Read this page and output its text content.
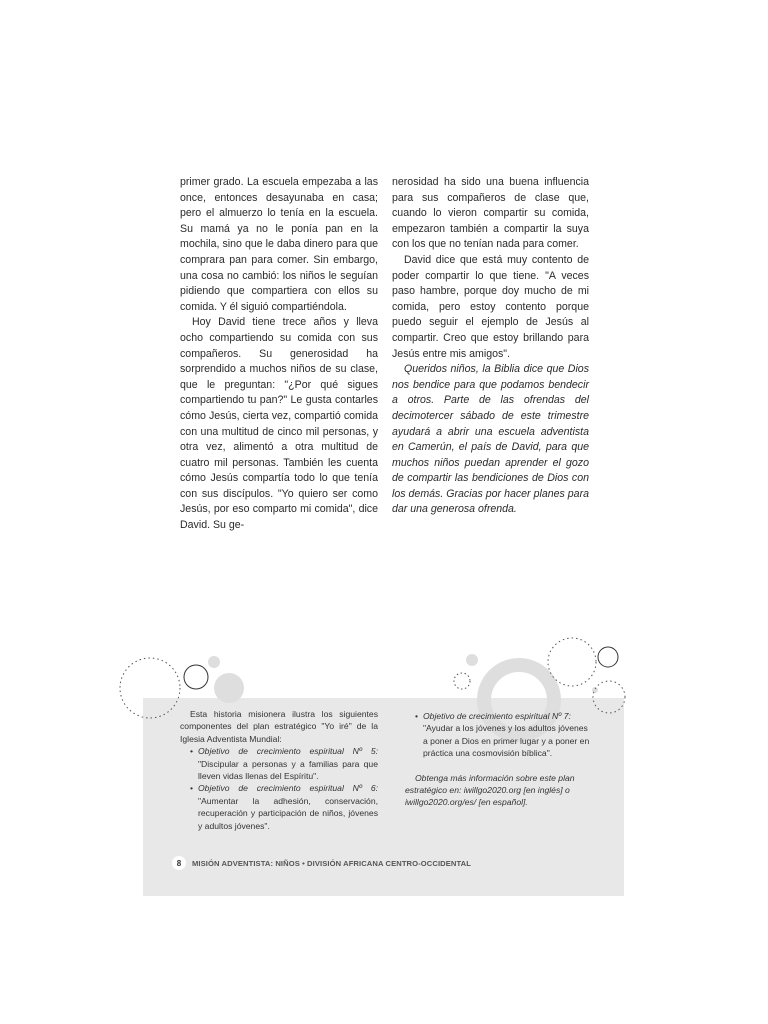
primer grado. La escuela empezaba a las once, entonces desayunaba en casa; pero el almuerzo lo tenía en la escuela. Su mamá ya no le ponía pan en la mochila, sino que le daba dinero para que comprara pan para comer. Sin embargo, una cosa no cambió: los niños le seguían pidiendo que compartiera con ellos su comida. Y él siguió compartiéndola.

Hoy David tiene trece años y lleva ocho compartiendo su comida con sus compañeros. Su generosidad ha sorprendido a muchos niños de su clase, que le preguntan: "¿Por qué sigues compartiendo tu pan?" Le gusta contarles cómo Jesús, cierta vez, compartió comida con una multitud de cinco mil personas, y otra vez, alimentó a otra multitud de cuatro mil personas. También les cuenta cómo Jesús compartía todo lo que tenía con sus discípulos. "Yo quiero ser como Jesús, por eso comparto mi comida", dice David. Su ge-

nerosidad ha sido una buena influencia para sus compañeros de clase que, cuando lo vieron compartir su comida, empezaron también a compartir la suya con los que no tenían nada para comer.

David dice que está muy contento de poder compartir lo que tiene. "A veces paso hambre, porque doy mucho de mi comida, pero estoy contento porque puedo seguir el ejemplo de Jesús al compartir. Creo que estoy brillando para Jesús entre mis amigos".

Queridos niños, la Biblia dice que Dios nos bendice para que podamos bendecir a otros. Parte de las ofrendas del decimotercer sábado de este trimestre ayudará a abrir una escuela adventista en Camerún, el país de David, para que muchos niños puedan aprender el gozo de compartir las bendiciones de Dios con los demás. Gracias por hacer planes para dar una generosa ofrenda.

Esta historia misionera ilustra los siguientes componentes del plan estratégico "Yo iré" de la Iglesia Adventista Mundial:

• Objetivo de crecimiento espiritual Nº 5: "Discipular a personas y a familias para que lleven vidas llenas del Espíritu".
• Objetivo de crecimiento espiritual Nº 6: "Aumentar la adhesión, conservación, recuperación y participación de niños, jóvenes y adultos jóvenes".
• Objetivo de crecimiento espiritual Nº 7: "Ayudar a los jóvenes y los adultos jóvenes a poner a Dios en primer lugar y a poner en práctica una cosmovisión bíblica".

Obtenga más información sobre este plan estratégico en: iwillgo2020.org [en inglés] o iwillgo2020.org/es/ [en español].

8	MISIÓN ADVENTISTA: NIÑOS • DIVISIÓN AFRICANA CENTRO-OCCIDENTAL
